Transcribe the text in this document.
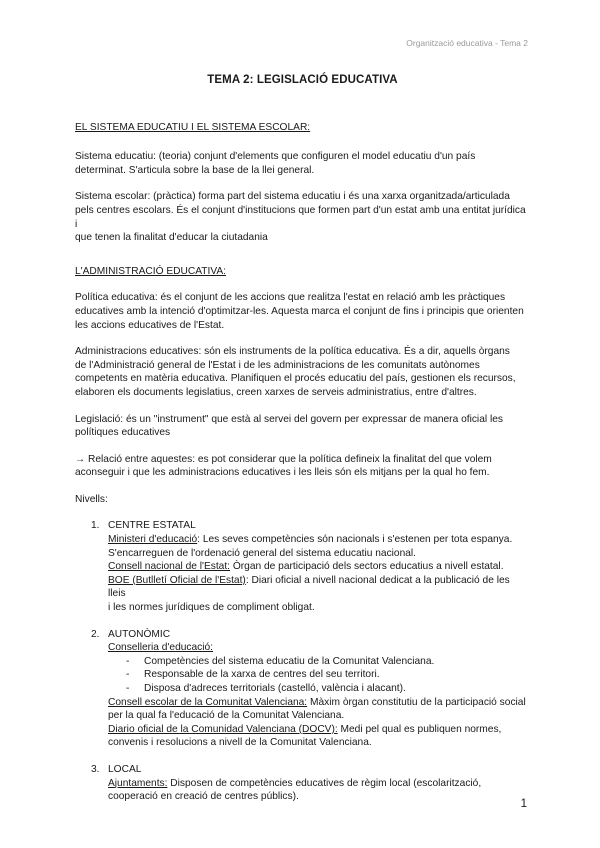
Organització educativa - Tema 2

TEMA 2: LEGISLACIÓ EDUCATIVA

EL SISTEMA EDUCATIU I EL SISTEMA ESCOLAR:

Sistema educatiu: (teoria) conjunt d'elements que configuren el model educatiu d'un país

determinat. S'articula sobre la base de la llei general.

Sistema escolar: (pràctica) forma part del sistema educatiu i és una xarxa organitzada/articulada

pels centres escolars. És el conjunt d'institucions que formen part d'un estat amb una entitat jurídica i

que tenen la finalitat d'educar la ciutadania

L'ADMINISTRACIÓ EDUCATIVA:

Política educativa: és el conjunt de les accions que realitza l'estat en relació amb les pràctiques

educatives amb la intenció d'optimitzar-les. Aquesta marca el conjunt de fins i principis que orienten

les accions educatives de l'Estat.

Administracions educatives: són els instruments de la política educativa. És a dir, aquells òrgans

de l'Administració general de l'Estat i de les administracions de les comunitats autònomes

competents en matèria educativa. Planifiquen el procés educatiu del país, gestionen els recursos,

elaboren els documents legislatius, creen xarxes de serveis administratius, entre d'altres.

Legislació: és un "instrument" que està al servei del govern per expressar de manera oficial les

polítiques educatives

→ Relació entre aquestes: es pot considerar que la política defineix la finalitat del que volem

aconseguir i que les administracions educatives i les lleis són els mitjans per la qual ho fem.

Nivells:

1. CENTRE ESTATAL

Ministeri d'educació: Les seves competències són nacionals i s'estenen per tota espanya.

S'encarreguen de l'ordenació general del sistema educatiu nacional.

Consell nacional de l'Estat: Òrgan de participació dels sectors educatius a nivell estatal.

BOE (Butlletí Oficial de l'Estat): Diari oficial a nivell nacional dedicat a la publicació de les lleis

i les normes jurídiques de compliment obligat.

2. AUTONÒMIC

Conselleria d'educació:

- Competències del sistema educatiu de la Comunitat Valenciana.
- Responsable de la xarxa de centres del seu territori.
- Disposa d'adreces territorials (castelló, valència i alacant).

Consell escolar de la Comunitat Valenciana: Màxim òrgan constitutiu de la participació social

per la qual fa l'educació de la Comunitat Valenciana.

Diario oficial de la Comunidad Valenciana (DOCV): Medi pel qual es publiquen normes,

convenis i resolucions a nivell de la Comunitat Valenciana.

3. LOCAL

Ajuntaments: Disposen de competències educatives de règim local (escolarització,

cooperació en creació de centres públics).

1
